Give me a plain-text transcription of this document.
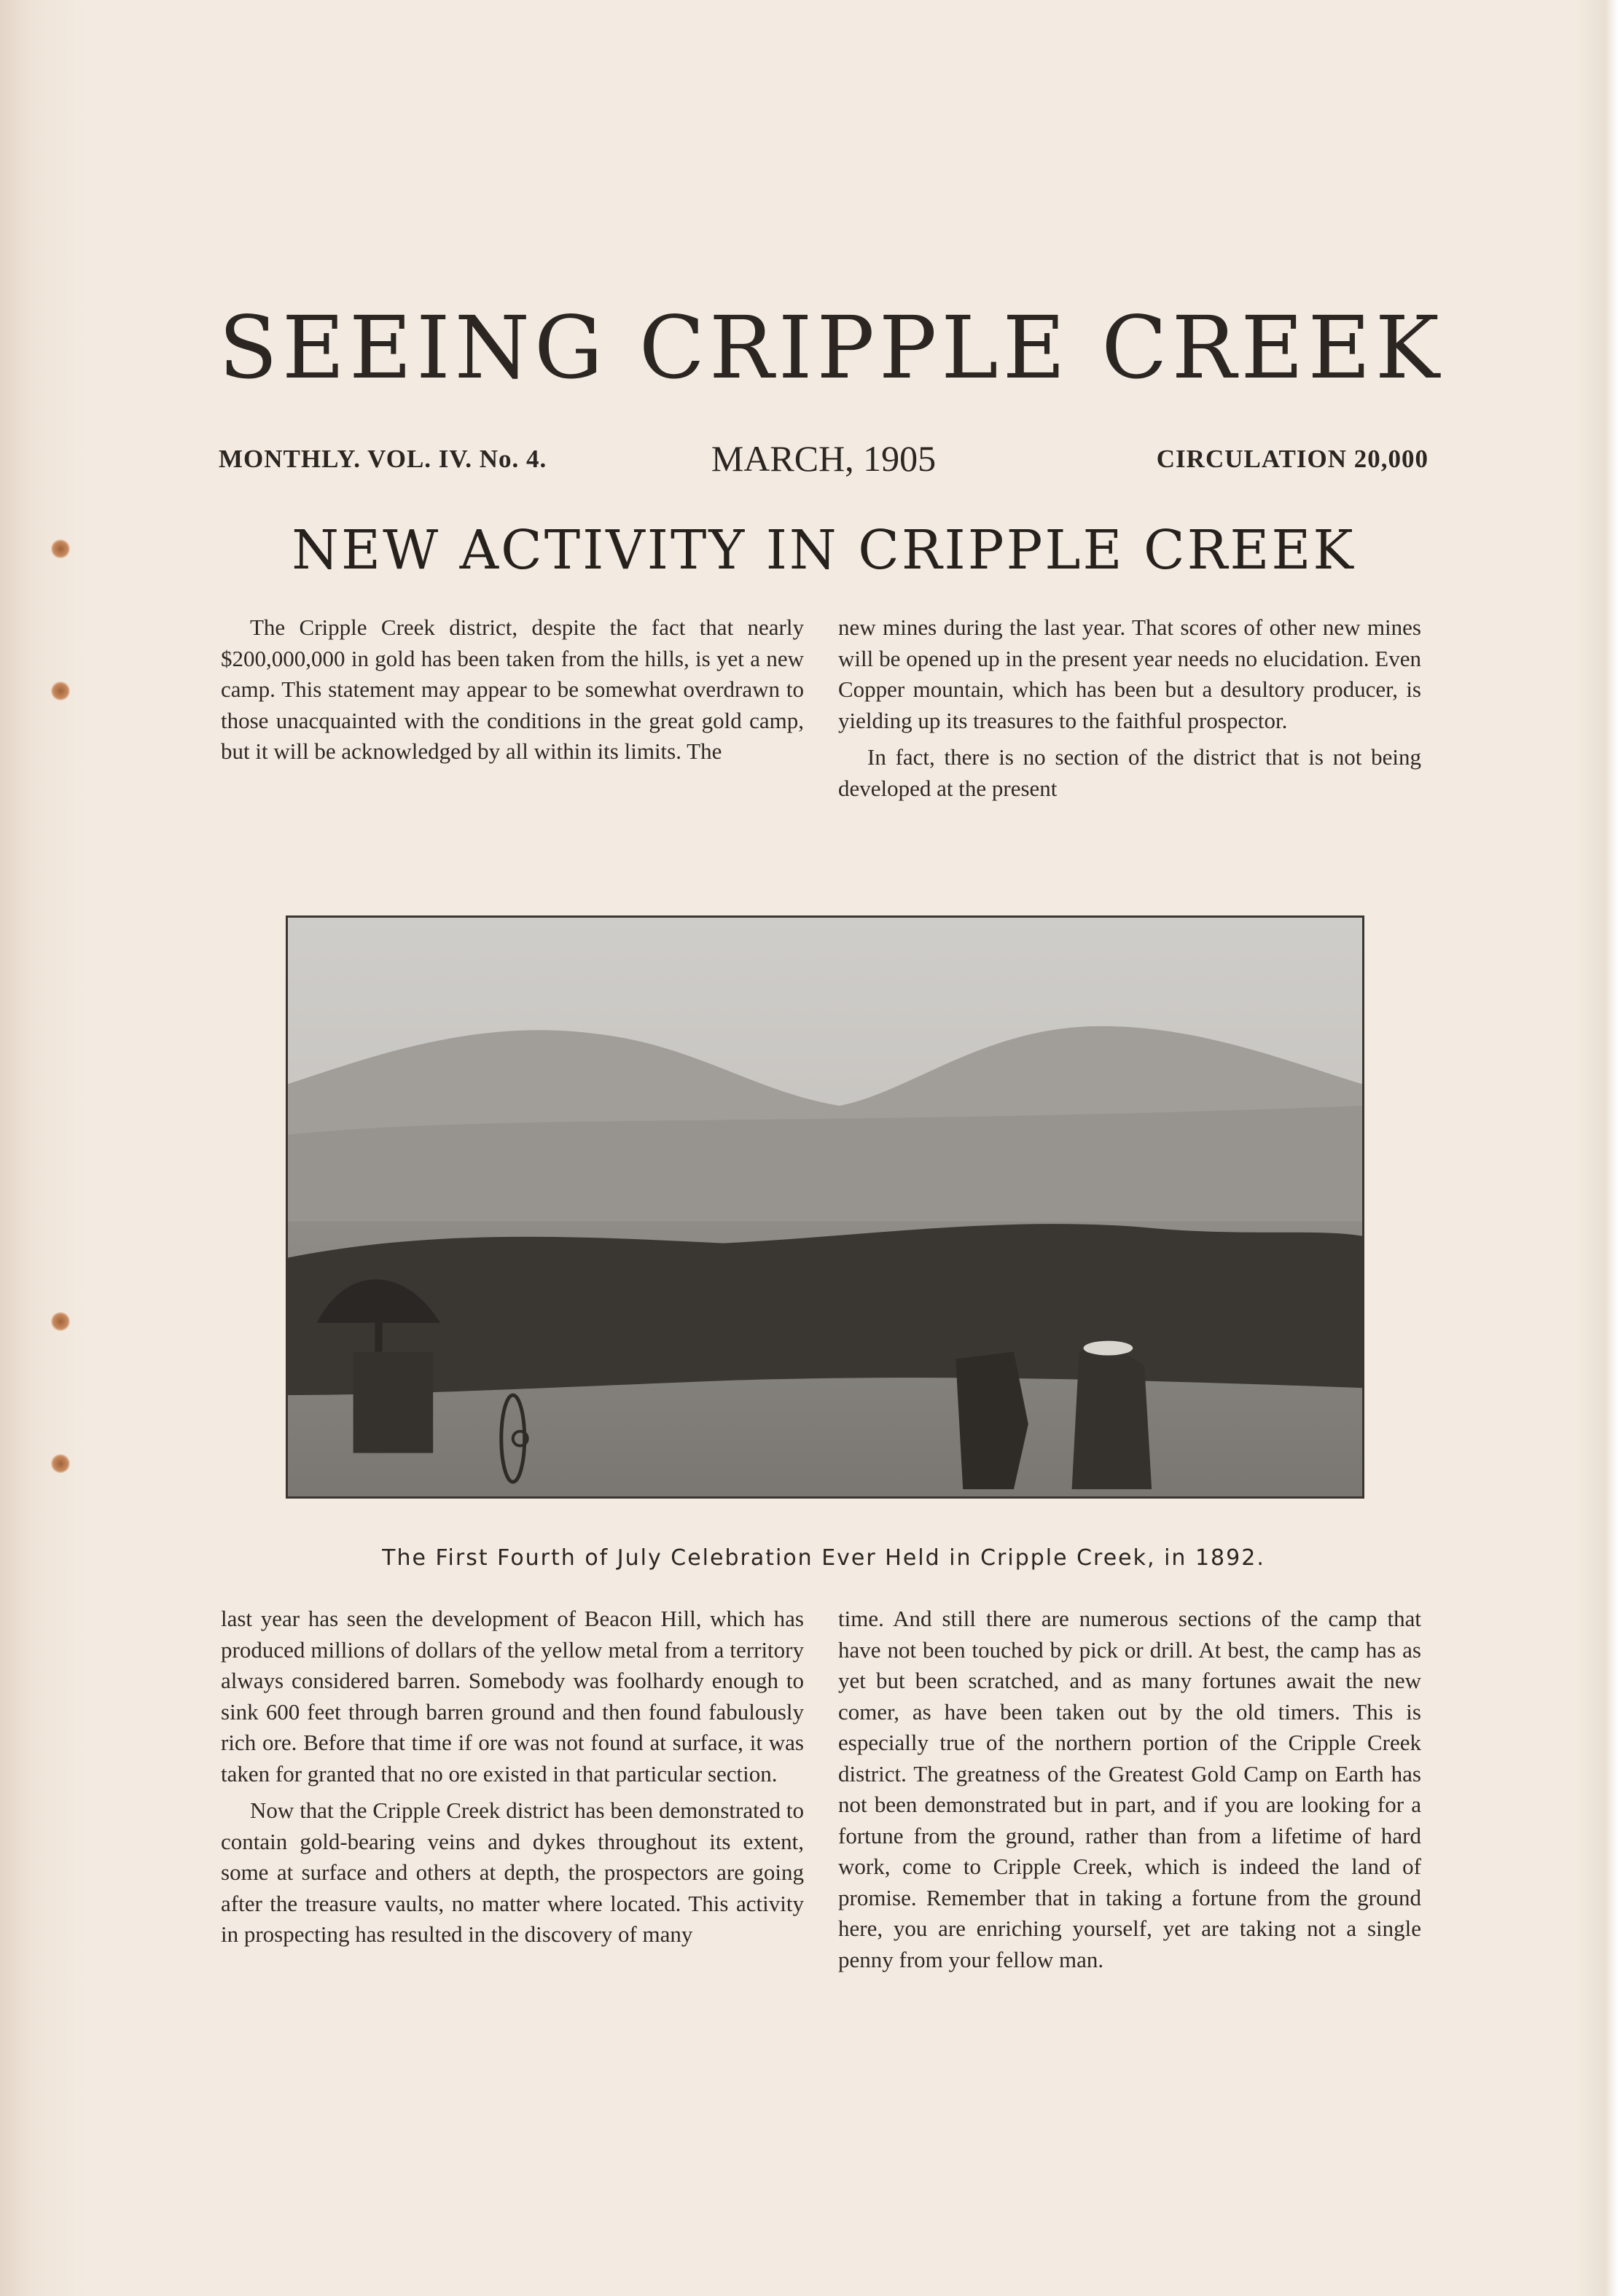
SEEING CRIPPLE CREEK
MONTHLY. VOL. IV. No. 4.	MARCH, 1905	CIRCULATION 20,000
NEW ACTIVITY IN CRIPPLE CREEK

The Cripple Creek district, despite the fact that nearly $200,000,000 in gold has been taken from the hills, is yet a new camp. This statement may appear to be somewhat overdrawn to those unacquainted with the conditions in the great gold camp, but it will be acknowledged by all within its limits. The

new mines during the last year. That scores of other new mines will be opened up in the present year needs no elucidation. Even Copper mountain, which has been but a desultory producer, is yielding up its treasures to the faithful prospector.

In fact, there is no section of the district that is not being developed at the present

The First Fourth of July Celebration Ever Held in Cripple Creek, in 1892.

last year has seen the development of Beacon Hill, which has produced millions of dollars of the yellow metal from a territory always considered barren. Somebody was foolhardy enough to sink 600 feet through barren ground and then found fabulously rich ore. Before that time if ore was not found at surface, it was taken for granted that no ore existed in that particular section.

Now that the Cripple Creek district has been demonstrated to contain gold-bearing veins and dykes throughout its extent, some at surface and others at depth, the prospectors are going after the treasure vaults, no matter where located. This activity in prospecting has resulted in the discovery of many

time. And still there are numerous sections of the camp that have not been touched by pick or drill. At best, the camp has as yet but been scratched, and as many fortunes await the new comer, as have been taken out by the old timers. This is especially true of the northern portion of the Cripple Creek district. The greatness of the Greatest Gold Camp on Earth has not been demonstrated but in part, and if you are looking for a fortune from the ground, rather than from a lifetime of hard work, come to Cripple Creek, which is indeed the land of promise. Remember that in taking a fortune from the ground here, you are enriching yourself, yet are taking not a single penny from your fellow man.
